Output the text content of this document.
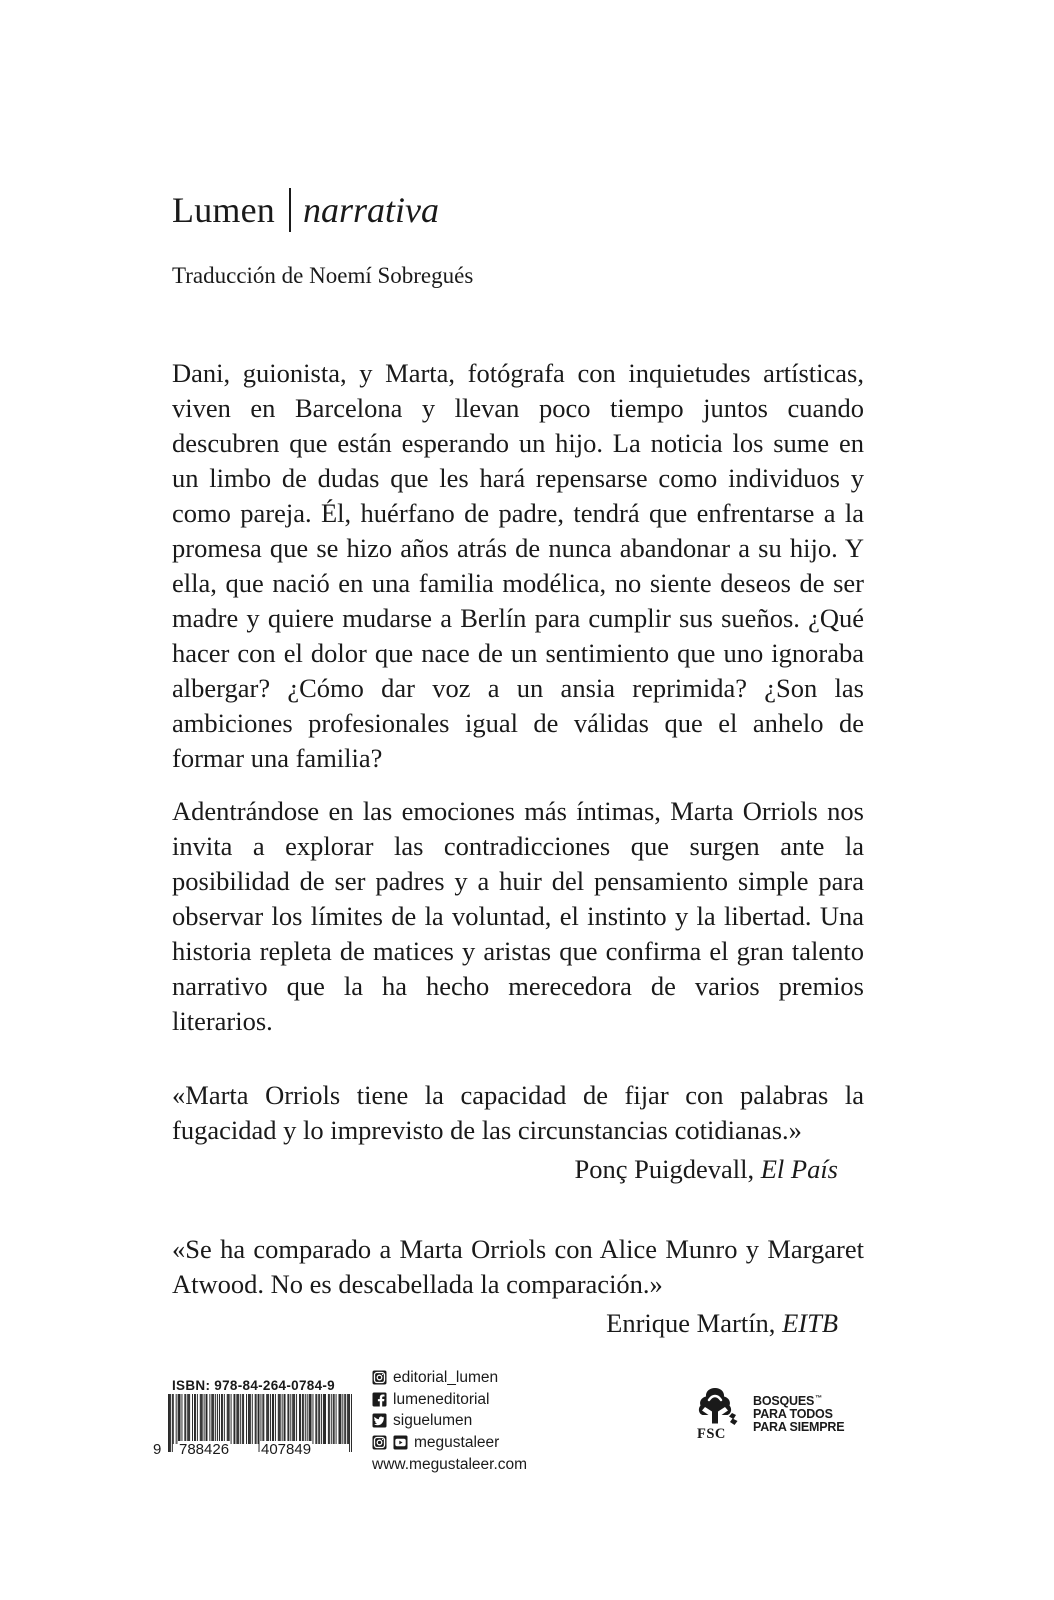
Lumen narrativa
Traducción de Noemí Sobregués

Dani, guionista, y Marta, fotógrafa con inquietudes artísticas, viven en Barcelona y llevan poco tiempo juntos cuando descubren que están esperando un hijo. La noticia los sume en un limbo de dudas que les hará repensarse como individuos y como pareja. Él, huérfano de padre, tendrá que enfrentarse a la promesa que se hizo años atrás de nunca abandonar a su hijo. Y ella, que nació en una familia modélica, no siente deseos de ser madre y quiere mudarse a Berlín para cumplir sus sueños. ¿Qué hacer con el dolor que nace de un sentimiento que uno ignoraba albergar? ¿Cómo dar voz a un ansia reprimida? ¿Son las ambiciones profesionales igual de válidas que el anhelo de formar una familia?

Adentrándose en las emociones más íntimas, Marta Orriols nos invita a explorar las contradicciones que surgen ante la posibilidad de ser padres y a huir del pensamiento simple para observar los límites de la voluntad, el instinto y la libertad. Una historia repleta de matices y aristas que confirma el gran talento narrativo que la ha hecho merecedora de varios premios literarios.

«Marta Orriols tiene la capacidad de fijar con palabras la fugacidad y lo imprevisto de las circunstancias cotidianas.»

Ponç Puigdevall, El País

«Se ha comparado a Marta Orriols con Alice Munro y Margaret Atwood. No es descabellada la comparación.»

Enrique Martín, EITB
ISBN: 978-84-264-0784-9
9 788426 407849
editorial_lumen
lumeneditorial
siguelumen
megustaleer
www.megustaleer.com
FSC
BOSQUES™
PARA TODOS
PARA SIEMPRE
